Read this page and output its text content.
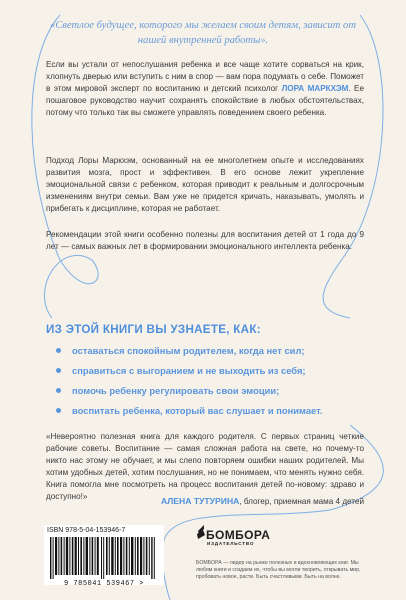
«Светлое будущее, которого мы желаем своим детям, зависит от нашей внутренней работы».
Если вы устали от непослушания ребенка и все чаще хотите сорваться на крик, хлопнуть дверью или вступить с ним в спор — вам пора подумать о себе. Поможет в этом мировой эксперт по воспитанию и детский психолог ЛОРА МАРКХЭМ. Ее пошаговое руководство научит сохранять спокойствие в любых обстоятельствах, потому что только так вы сможете управлять поведением своего ребенка.
Подход Лоры Маркхэм, основанный на ее многолетнем опыте и исследованиях развития мозга, прост и эффективен. В его основе лежит укрепление эмоциональной связи с ребенком, которая приводит к реальным и долгосрочным изменениям внутри семьи. Вам уже не придется кричать, наказывать, умолять и прибегать к дисциплине, которая не работает.
Рекомендации этой книги особенно полезны для воспитания детей от 1 года до 9 лет — самых важных лет в формировании эмоционального интеллекта ребенка.
ИЗ ЭТОЙ КНИГИ ВЫ УЗНАЕТЕ, КАК:
оставаться спокойным родителем, когда нет сил;
справиться с выгоранием и не выходить из себя;
помочь ребенку регулировать свои эмоции;
воспитать ребенка, который вас слушает и понимает.
«Невероятно полезная книга для каждого родителя. С первых страниц четкие рабочие советы. Воспитание — самая сложная работа на свете, но почему-то никто нас этому не обучает, и мы слепо повторяем ошибки наших родителей. Мы хотим удобных детей, хотим послушания, но не понимаем, что менять нужно себя. Книга помогла мне посмотреть на процесс воспитания детей по-новому: здраво и доступно!»	АЛЕНА ТУТУРИНА, блогер, приемная мама 4 детей
ISBN 978-5-04-153946-7
9 785041 539467 >
БОМБОРА
ИЗДАТЕЛЬСТВО
БОМБОРА — лидер на рынке полезных и вдохновляющих книг. Мы любим книги и создаем их, чтобы вы могли творить, открывать мир, пробовать новое, расти. Быть счастливыми. Быть на волне.
